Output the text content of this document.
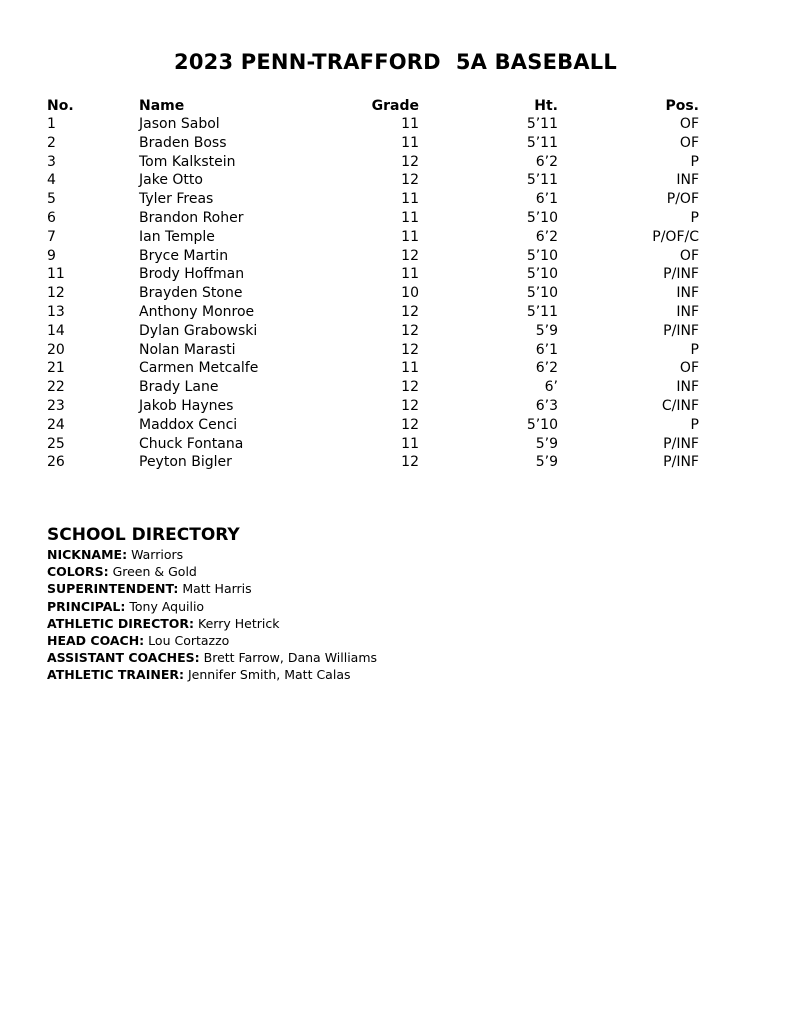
2023 PENN-TRAFFORD  5A BASEBALL
No.	Name	Grade	Ht.	Pos.
1	Jason Sabol	11	5’11	OF
2	Braden Boss	11	5’11	OF
3	Tom Kalkstein	12	6’2	P
4	Jake Otto	12	5’11	INF
5	Tyler Freas	11	6’1	P/OF
6	Brandon Roher	11	5’10	P
7	Ian Temple	11	6’2	P/OF/C
9	Bryce Martin	12	5’10	OF
11	Brody Hoffman	11	5’10	P/INF
12	Brayden Stone	10	5’10	INF
13	Anthony Monroe	12	5’11	INF
14	Dylan Grabowski	12	5’9	P/INF
20	Nolan Marasti	12	6’1	P
21	Carmen Metcalfe	11	6’2	OF
22	Brady Lane	12	6’	INF
23	Jakob Haynes	12	6’3	C/INF
24	Maddox Cenci	12	5’10	P
25	Chuck Fontana	11	5’9	P/INF
26	Peyton Bigler	12	5’9	P/INF
SCHOOL DIRECTORY
NICKNAME: Warriors
COLORS: Green & Gold
SUPERINTENDENT: Matt Harris
PRINCIPAL: Tony Aquilio
ATHLETIC DIRECTOR: Kerry Hetrick
HEAD COACH: Lou Cortazzo
ASSISTANT COACHES: Brett Farrow, Dana Williams
ATHLETIC TRAINER: Jennifer Smith, Matt Calas
